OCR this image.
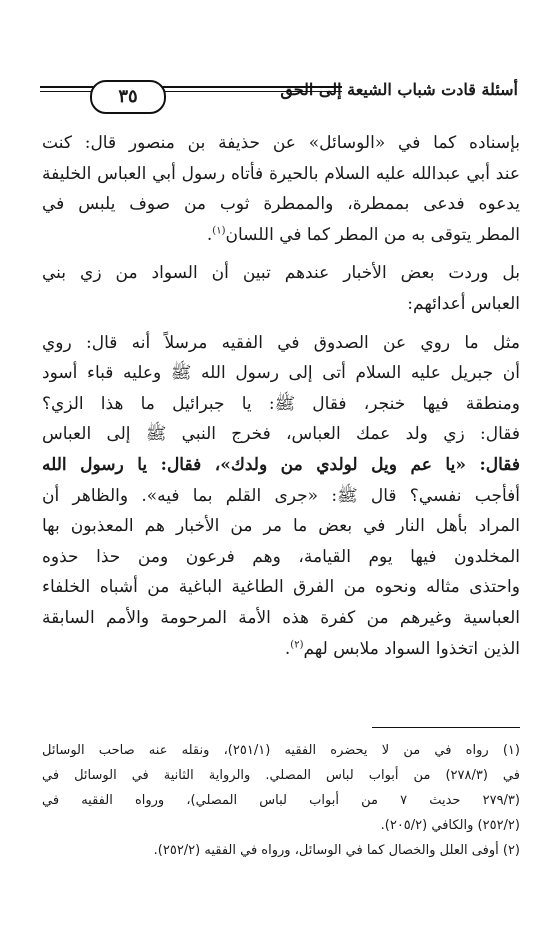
أسئلة قادت شباب الشيعة إلى الحق
٣٥

بإسناده كما في «الوسائل» عن حذيفة بن منصور قال: كنت
عند أبي عبدالله عليه السلام بالحيرة فأتاه رسول أبي العباس الخليفة
يدعوه فدعى بممطرة، والممطرة ثوب من صوف يلبس في
المطر يتوقى به من المطر كما في اللسان$^{(١)}$.

بل وردت بعض الأخبار عندهم تبين أن السواد من زي بني
العباس أعدائهم:

مثل ما روي عن الصدوق في الفقيه مرسلاً أنه قال: روي
أن جبريل عليه السلام أتى إلى رسول الله ﷺ وعليه قباء أسود
ومنطقة فيها خنجر، فقال ﷺ: يا جبرائيل ما هذا الزي؟
فقال: زي ولد عمك العباس، فخرج النبي ﷺ إلى العباس
فقال: «يا عم ويل لولدي من ولدك»، فقال: يا رسول الله
أفأجب نفسي؟ قال ﷺ: «جرى القلم بما فيه». والظاهر أن
المراد بأهل النار في بعض ما مر من الأخبار هم المعذبون بها
المخلدون فيها يوم القيامة، وهم فرعون ومن حذا حذوه
واحتذى مثاله ونحوه من الفرق الطاغية الباغية من أشباه الخلفاء
العباسية وغيرهم من كفرة هذه الأمة المرحومة والأمم السابقة
الذين اتخذوا السواد ملابس لهم$^{(٢)}$.

(١) رواه في من لا يحضره الفقيه (٢٥١/١)، ونقله عنه صاحب الوسائل
في (٢٧٨/٣) من أبواب لباس المصلي. والرواية الثانية في الوسائل في
(٢٧٩/٣ حديث ٧ من أبواب لباس المصلي)، ورواه الفقيه في
(٢٥٢/٢) والكافي (٢٠٥/٢).

(٢) أوفى العلل والخصال كما في الوسائل، ورواه في الفقيه (٢٥٢/٢).
